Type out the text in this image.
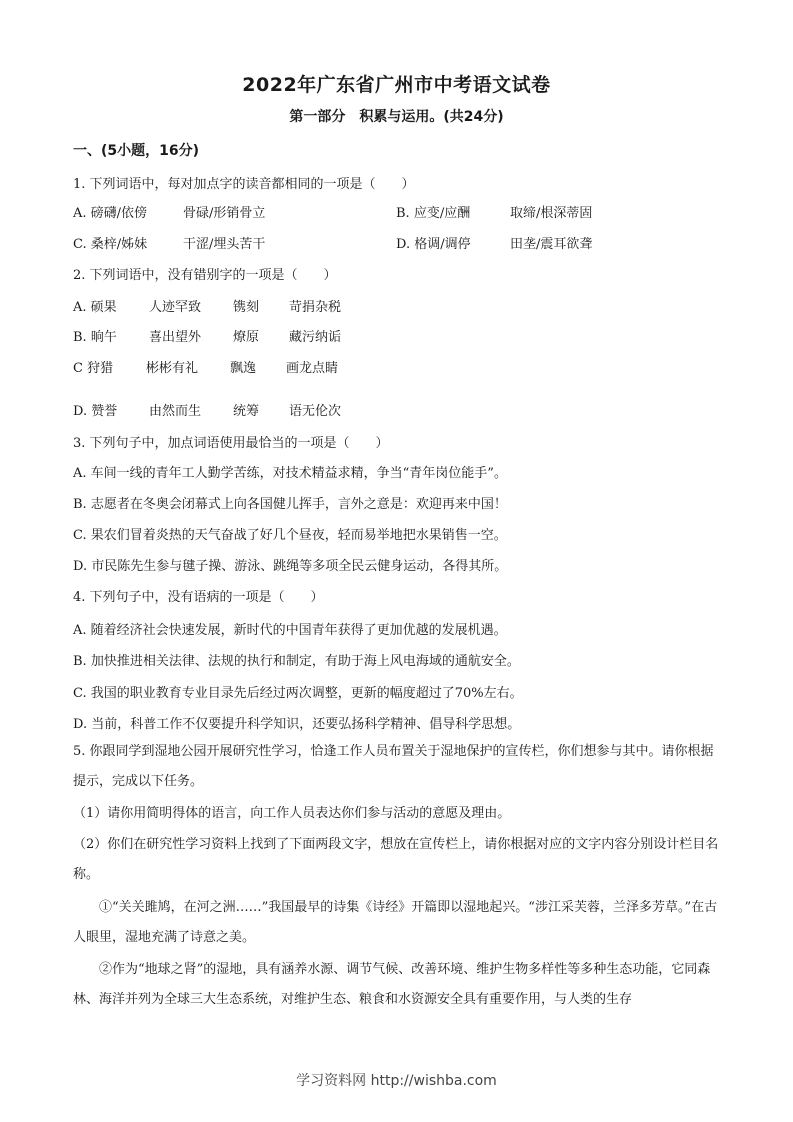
2022年广东省广州市中考语文试卷
第一部分　积累与运用。(共24分)
一、(5小题，16分)
1. 下列词语中，每对加点字的读音都相同的一项是（　　）
A. 磅礴/依傍	骨碌/形销骨立	B. 应变/应酬	取缔/根深蒂固
C. 桑梓/姊妹	干涩/埋头苦干	D. 格调/调停	田垄/震耳欲聋
2. 下列词语中，没有错别字的一项是（　　）
A. 硕果 人迹罕致 镌刻 苛捐杂税
B. 晌午 喜出望外 燎原 藏污纳诟
C 狩猎	彬彬有礼 飘逸 画龙点睛
D. 赞誉 由然而生 统筹 语无伦次
3. 下列句子中，加点词语使用最恰当的一项是（　　）
A. 车间一线的青年工人勤学苦练，对技术精益求精，争当“青年岗位能手”。
B. 志愿者在冬奥会闭幕式上向各国健儿挥手，言外之意是：欢迎再来中国！
C. 果农们冒着炎热的天气奋战了好几个昼夜，轻而易举地把水果销售一空。
D. 市民陈先生参与毽子操、游泳、跳绳等多项全民云健身运动，各得其所。
4. 下列句子中，没有语病的一项是（　　）
A. 随着经济社会快速发展，新时代的中国青年获得了更加优越的发展机遇。
B. 加快推进相关法律、法规的执行和制定，有助于海上风电海域的通航安全。
C. 我国的职业教育专业目录先后经过两次调整，更新的幅度超过了70%左右。
D. 当前，科普工作不仅要提升科学知识，还要弘扬科学精神、倡导科学思想。
5. 你跟同学到湿地公园开展研究性学习，恰逢工作人员布置关于湿地保护的宣传栏，你们想参与其中。请你根据提示，完成以下任务。
（1）请你用简明得体的语言，向工作人员表达你们参与活动的意愿及理由。
（2）你们在研究性学习资料上找到了下面两段文字，想放在宣传栏上，请你根据对应的文字内容分别设计栏目名称。
①“关关雎鸠，在河之洲……”我国最早的诗集《诗经》开篇即以湿地起兴。“涉江采芙蓉，兰泽多芳草。”在古人眼里，湿地充满了诗意之美。
②作为“地球之肾”的湿地，具有涵养水源、调节气候、改善环境、维护生物多样性等多种生态功能，它同森林、海洋并列为全球三大生态系统，对维护生态、粮食和水资源安全具有重要作用，与人类的生存
学习资料网 http://wishba.com
